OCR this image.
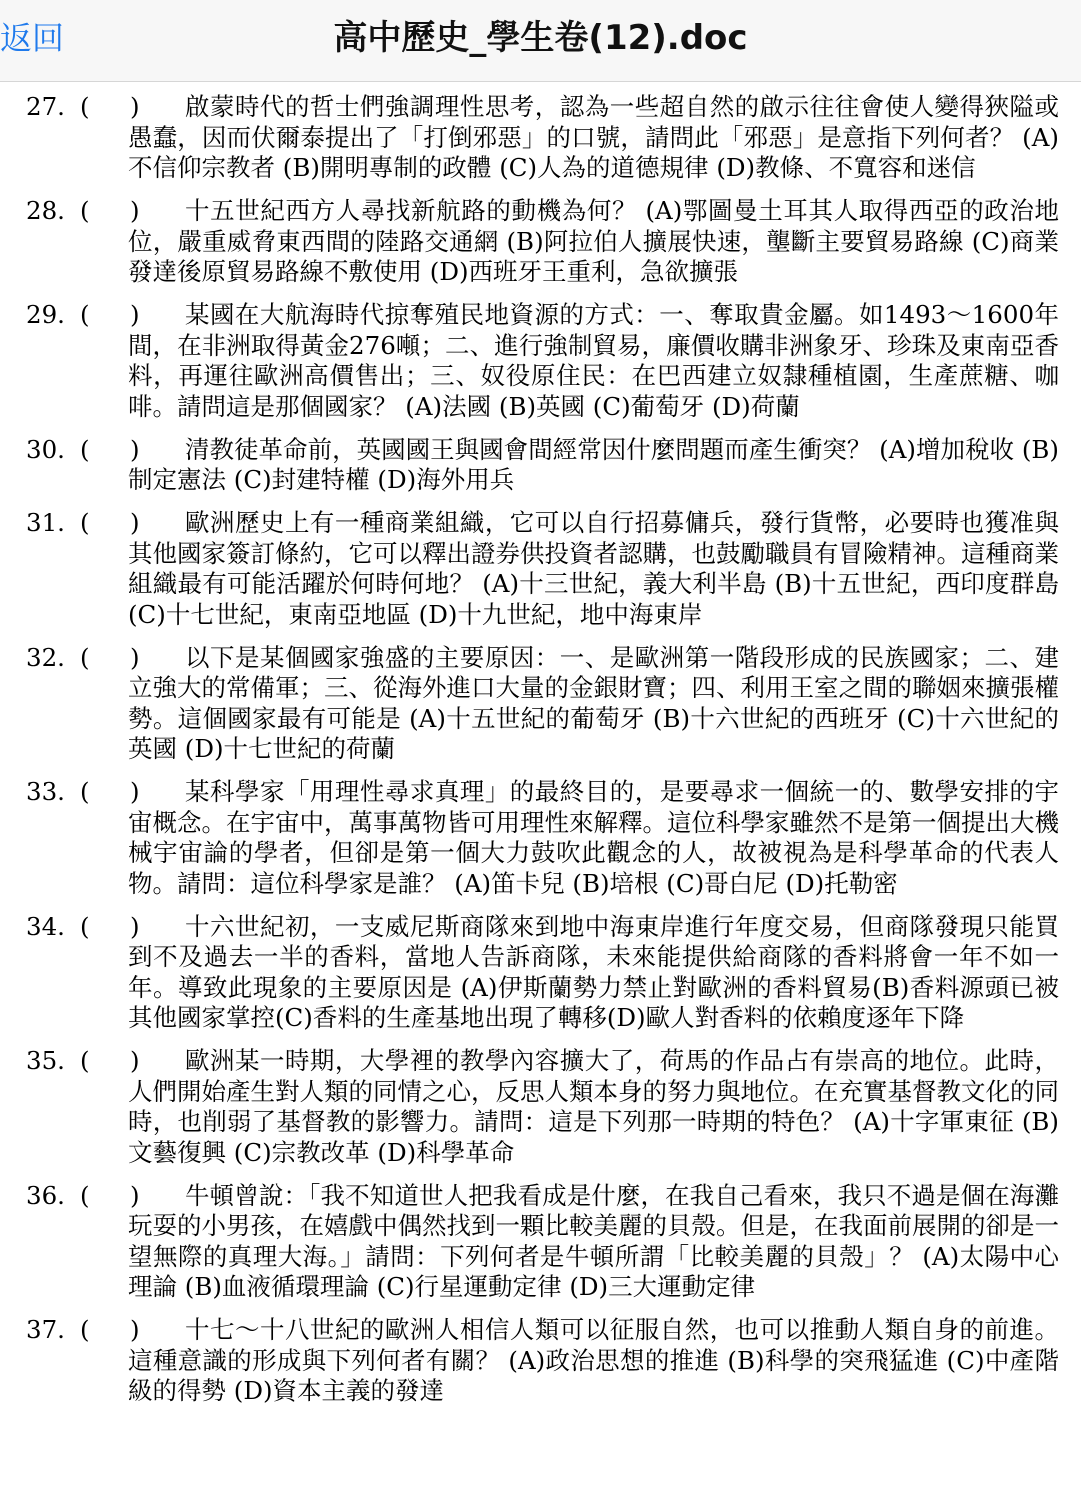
返回	高中歷史_學生卷(12).doc
27. ( )	啟蒙時代的哲士們強調理性思考，認為一些超自然的啟示往往會使人變得狹隘或愚蠢，因而伏爾泰提出了「打倒邪惡」的口號，請問此「邪惡」是意指下列何者？ (A)不信仰宗教者 (B)開明專制的政體 (C)人為的道德規律 (D)教條、不寬容和迷信
28. ( )	十五世紀西方人尋找新航路的動機為何？ (A)鄂圖曼土耳其人取得西亞的政治地位，嚴重威脅東西間的陸路交通網 (B)阿拉伯人擴展快速，壟斷主要貿易路線 (C)商業發達後原貿易路線不敷使用 (D)西班牙王重利，急欲擴張
29. ( )	某國在大航海時代掠奪殖民地資源的方式：一、奪取貴金屬。如1493～1600年間，在非洲取得黃金276噸；二、進行強制貿易，廉價收購非洲象牙、珍珠及東南亞香料，再運往歐洲高價售出；三、奴役原住民：在巴西建立奴隸種植園，生產蔗糖、咖啡。請問這是那個國家？ (A)法國 (B)英國 (C)葡萄牙 (D)荷蘭
30. ( )	清教徒革命前，英國國王與國會間經常因什麼問題而產生衝突？ (A)增加稅收 (B)制定憲法 (C)封建特權 (D)海外用兵
31. ( )	歐洲歷史上有一種商業組織，它可以自行招募傭兵，發行貨幣，必要時也獲准與其他國家簽訂條約，它可以釋出證券供投資者認購，也鼓勵職員有冒險精神。這種商業組織最有可能活躍於何時何地？ (A)十三世紀，義大利半島 (B)十五世紀，西印度群島 (C)十七世紀，東南亞地區 (D)十九世紀，地中海東岸
32. ( )	以下是某個國家強盛的主要原因：一、是歐洲第一階段形成的民族國家；二、建立強大的常備軍；三、從海外進口大量的金銀財寶；四、利用王室之間的聯姻來擴張權勢。這個國家最有可能是 (A)十五世紀的葡萄牙 (B)十六世紀的西班牙 (C)十六世紀的英國 (D)十七世紀的荷蘭
33. ( )	某科學家「用理性尋求真理」的最終目的，是要尋求一個統一的、數學安排的宇宙概念。在宇宙中，萬事萬物皆可用理性來解釋。這位科學家雖然不是第一個提出大機械宇宙論的學者，但卻是第一個大力鼓吹此觀念的人，故被視為是科學革命的代表人物。請問：這位科學家是誰？ (A)笛卡兒 (B)培根 (C)哥白尼 (D)托勒密
34. ( )	十六世紀初，一支威尼斯商隊來到地中海東岸進行年度交易，但商隊發現只能買到不及過去一半的香料，當地人告訴商隊，未來能提供給商隊的香料將會一年不如一年。導致此現象的主要原因是 (A)伊斯蘭勢力禁止對歐洲的香料貿易(B)香料源頭已被其他國家掌控(C)香料的生產基地出現了轉移(D)歐人對香料的依賴度逐年下降
35. ( )	歐洲某一時期，大學裡的教學內容擴大了，荷馬的作品占有崇高的地位。此時，人們開始產生對人類的同情之心，反思人類本身的努力與地位。在充實基督教文化的同時，也削弱了基督教的影響力。請問：這是下列那一時期的特色？ (A)十字軍東征 (B)文藝復興 (C)宗教改革 (D)科學革命
36. ( )	牛頓曾說：「我不知道世人把我看成是什麼，在我自己看來，我只不過是個在海灘玩耍的小男孩，在嬉戲中偶然找到一顆比較美麗的貝殼。但是，在我面前展開的卻是一望無際的真理大海。」請問：下列何者是牛頓所謂「比較美麗的貝殼」？ (A)太陽中心理論 (B)血液循環理論 (C)行星運動定律 (D)三大運動定律
37. ( )	十七～十八世紀的歐洲人相信人類可以征服自然，也可以推動人類自身的前進。這種意識的形成與下列何者有關？ (A)政治思想的推進 (B)科學的突飛猛進 (C)中產階級的得勢 (D)資本主義的發達
